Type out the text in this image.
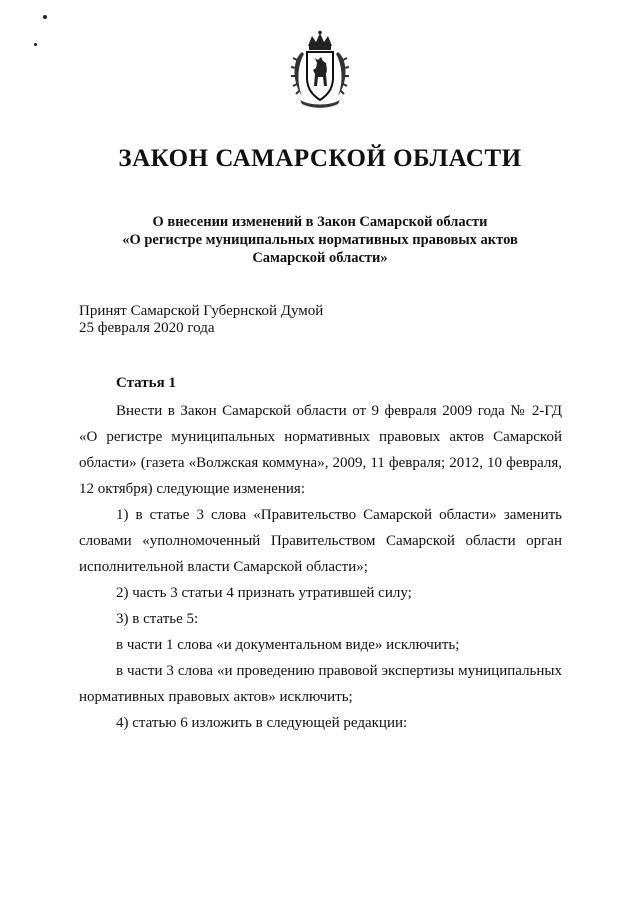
ЗАКОН САМАРСКОЙ ОБЛАСТИ
О внесении изменений в Закон Самарской области
«О регистре муниципальных нормативных правовых актов
Самарской области»
Принят Самарской Губернской Думой
25 февраля 2020 года
Статья 1

Внести в Закон Самарской области от 9 февраля 2009 года № 2-ГД «О регистре муниципальных нормативных правовых актов Самарской области» (газета «Волжская коммуна», 2009, 11 февраля; 2012, 10 февраля, 12 октября) следующие изменения:

1) в статье 3 слова «Правительство Самарской области» заменить словами «уполномоченный Правительством Самарской области орган исполнительной власти Самарской области»;

2) часть 3 статьи 4 признать утратившей силу;

3) в статье 5:

в части 1 слова «и документальном виде» исключить;

в части 3 слова «и проведению правовой экспертизы муниципальных нормативных правовых актов» исключить;

4) статью 6 изложить в следующей редакции:
